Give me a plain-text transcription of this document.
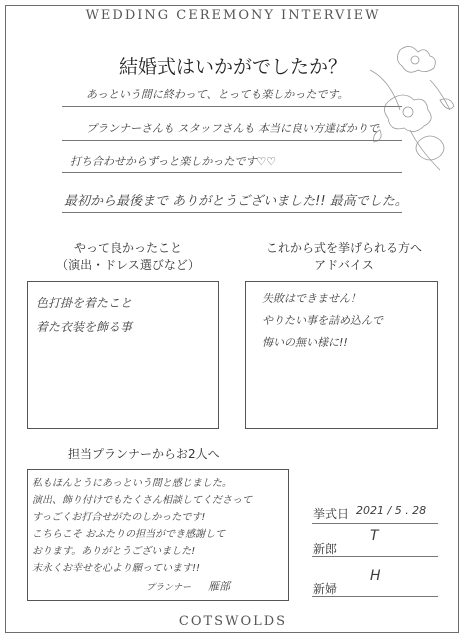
WEDDING CEREMONY INTERVIEW
結婚式はいかがでしたか？
あっという間に終わって、とっても楽しかったです。
プランナーさんも スタッフさんも 本当に良い方達ばかりで
打ち合わせからずっと楽しかったです♡♡
最初から最後まで ありがとうございました!! 最高でした。
やって良かったこと
（演出・ドレス選びなど）
色打掛を着たこと
着た衣装を飾る事
これから式を挙げられる方へ
アドバイス
失敗はできません！
やりたい事を詰め込んで
悔いの無い様に!!
担当プランナーからお2人へ
私もほんとうにあっという間と感じました。
演出、飾り付けでもたくさん相談してくださって
すっごくお打合せがたのしかったです!
こちらこそ おふたりの担当ができ感謝して
おります。ありがとうございました!
末永くお幸せを心より願っています!!
プランナー 雁部
挙式日 2021 / 5 . 28
新郎
T
新婦
H
COTSWOLDS
